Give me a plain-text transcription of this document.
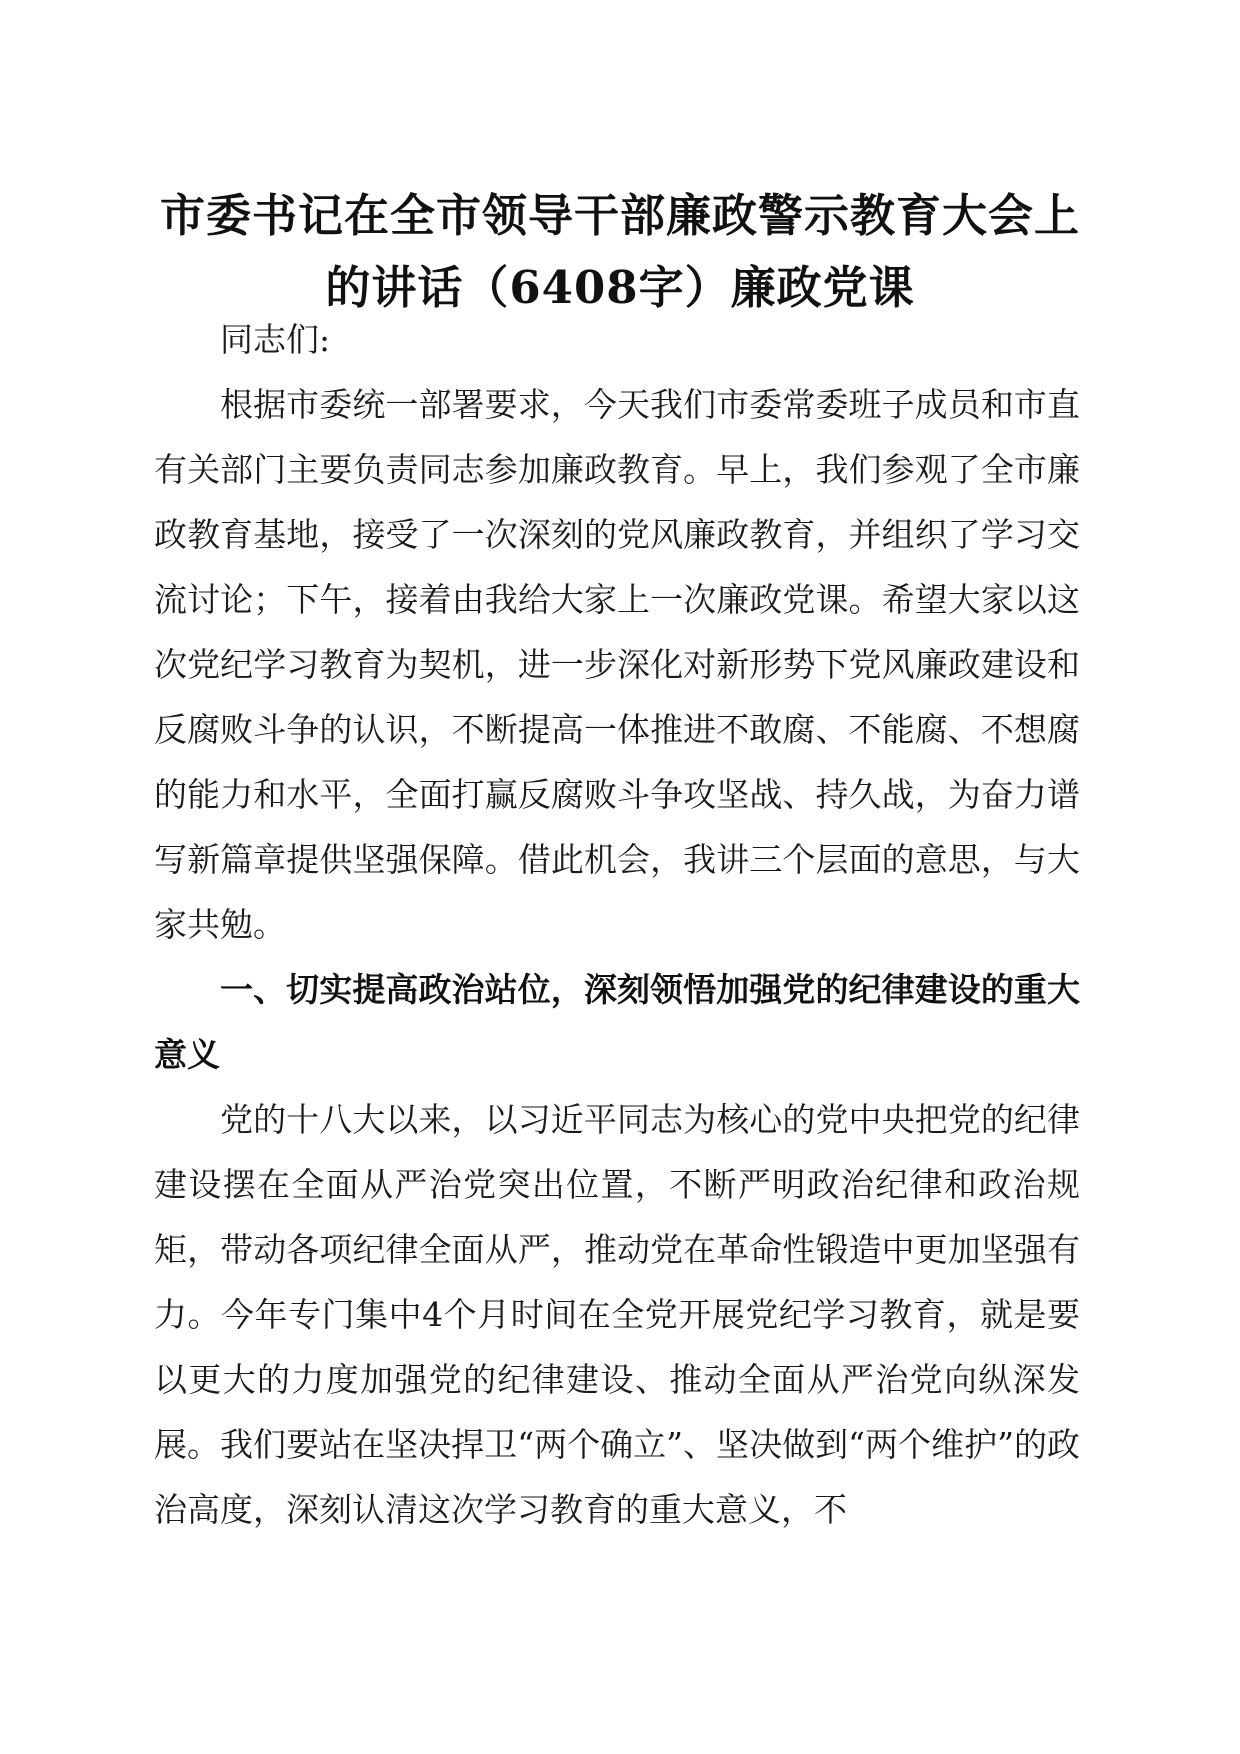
市委书记在全市领导干部廉政警示教育大会上
的讲话（6408字）廉政党课

同志们:

根据市委统一部署要求，今天我们市委常委班子成员和市直有关部门主要负责同志参加廉政教育。早上，我们参观了全市廉政教育基地，接受了一次深刻的党风廉政教育，并组织了学习交流讨论；下午，接着由我给大家上一次廉政党课。希望大家以这次党纪学习教育为契机，进一步深化对新形势下党风廉政建设和反腐败斗争的认识，不断提高一体推进不敢腐、不能腐、不想腐的能力和水平，全面打赢反腐败斗争攻坚战、持久战，为奋力谱写新篇章提供坚强保障。借此机会，我讲三个层面的意思，与大家共勉。

一、切实提高政治站位，深刻领悟加强党的纪律建设的重大意义

党的十八大以来，以习近平同志为核心的党中央把党的纪律建设摆在全面从严治党突出位置，不断严明政治纪律和政治规矩，带动各项纪律全面从严，推动党在革命性锻造中更加坚强有力。今年专门集中4个月时间在全党开展党纪学习教育，就是要以更大的力度加强党的纪律建设、推动全面从严治党向纵深发展。我们要站在坚决捍卫“两个确立”、坚决做到“两个维护”的政治高度，深刻认清这次学习教育的重大意义，不
